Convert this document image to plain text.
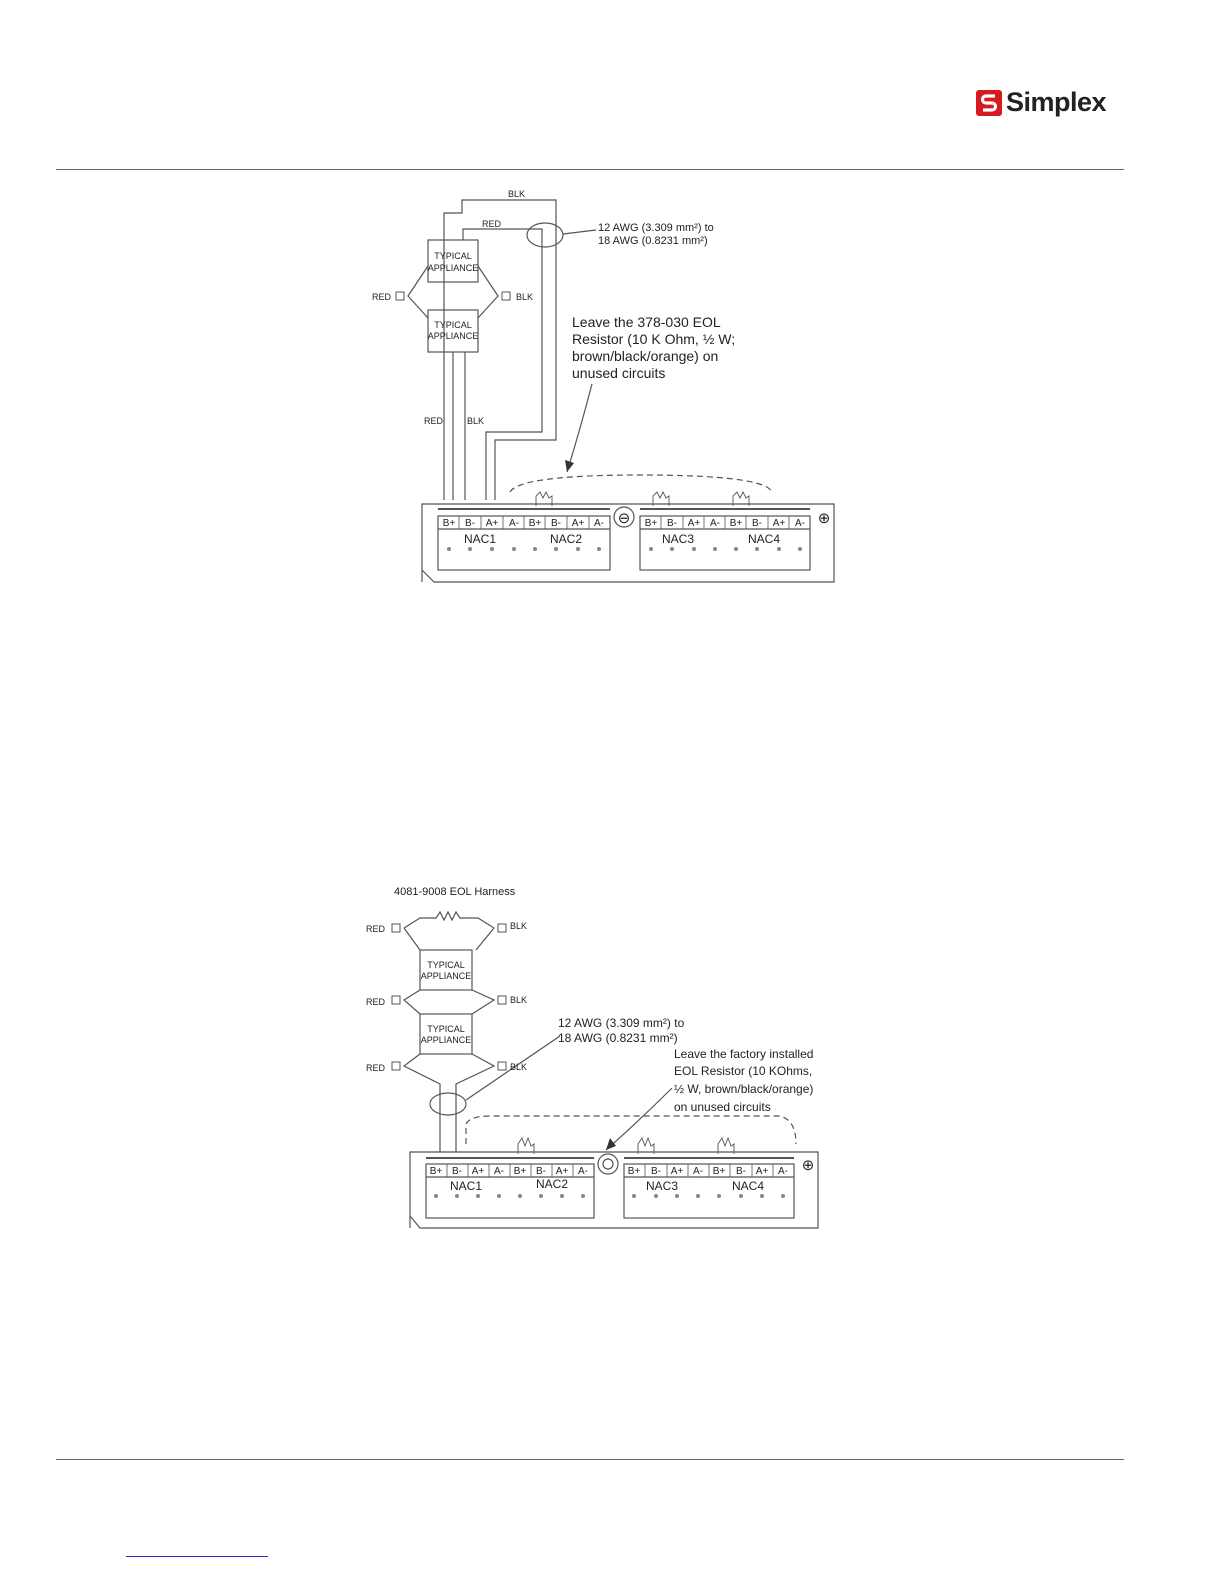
Simplex
BLK
RED
TYPICAL
APPLIANCE
TYPICAL
APPLIANCE
RED	BLK
RED	BLK
12 AWG (3.309 mm²) to
18 AWG (0.8231 mm²)
Leave the 378-030 EOL
Resistor (10 K Ohm, ½ W;
brown/black/orange) on
unused circuits
B+ B- A+ A- B+ B- A+ A-	B+ B- A+ A- B+ B- A+ A-
NAC1	NAC2	NAC3	NAC4
⊖	⊕
4081-9008 EOL Harness
TYPICAL
APPLIANCE
TYPICAL
APPLIANCE
RED	BLK
RED	BLK
RED	BLK
12 AWG (3.309 mm²) to
18 AWG (0.8231 mm²)
Leave the factory installed
EOL Resistor (10 KOhms,
½ W, brown/black/orange)
on unused circuits
B+ B- A+ A- B+ B- A+ A-	B+ B- A+ A- B+ B- A+ A-
NAC1	NAC2	NAC3	NAC4
⊕
